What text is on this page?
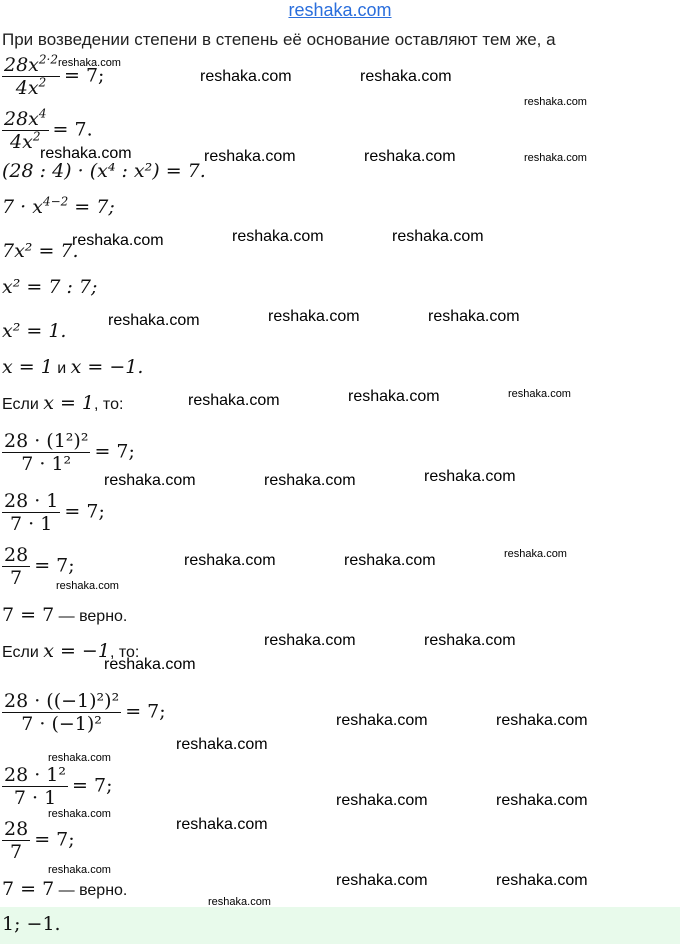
reshaka.com
При возведении степени в степень её основание оставляют тем же, а
$\frac{28x^{2\cdot 2}}{4x^2} = 7$;
$\frac{28x^4}{4x^2} = 7$.
(28 : 4) · (x⁴ : x²) = 7.
$7 \cdot x^{4-2} = 7$;
7x² = 7.
x² = 7 : 7;
x² = 1.
x = 1 и x = −1.
Если x = 1, то:
$\frac{\text{28 · (1²)²}}{\text{7 · 1²}} = 7$;
$\frac{28 \cdot 1}{7 \cdot 1} = 7$;
$\frac{28}{7} = 7$;
7 = 7 — верно.
Если x = −1, то:
$\frac{\text{28 · ((−1)²)²}}{\text{7 · (−1)²}} = 7$;
$\frac{\text{28 · 1²}}{7 \cdot 1} = 7$;
$\frac{28}{7} = 7$;
7 = 7 — верно.
1; −1.
reshaka.com
reshaka.com	reshaka.com
reshaka.com
reshaka.com	reshaka.com	reshaka.com	reshaka.com
reshaka.com	reshaka.com	reshaka.com
reshaka.com	reshaka.com	reshaka.com
reshaka.com	reshaka.com	reshaka.com
reshaka.com	reshaka.com	reshaka.com
reshaka.com	reshaka.com	reshaka.com
reshaka.com
reshaka.com	reshaka.com
reshaka.com
reshaka.com	reshaka.com
reshaka.com
reshaka.com
reshaka.com	reshaka.com
reshaka.com
reshaka.com
reshaka.com
reshaka.com	reshaka.com
reshaka.com
